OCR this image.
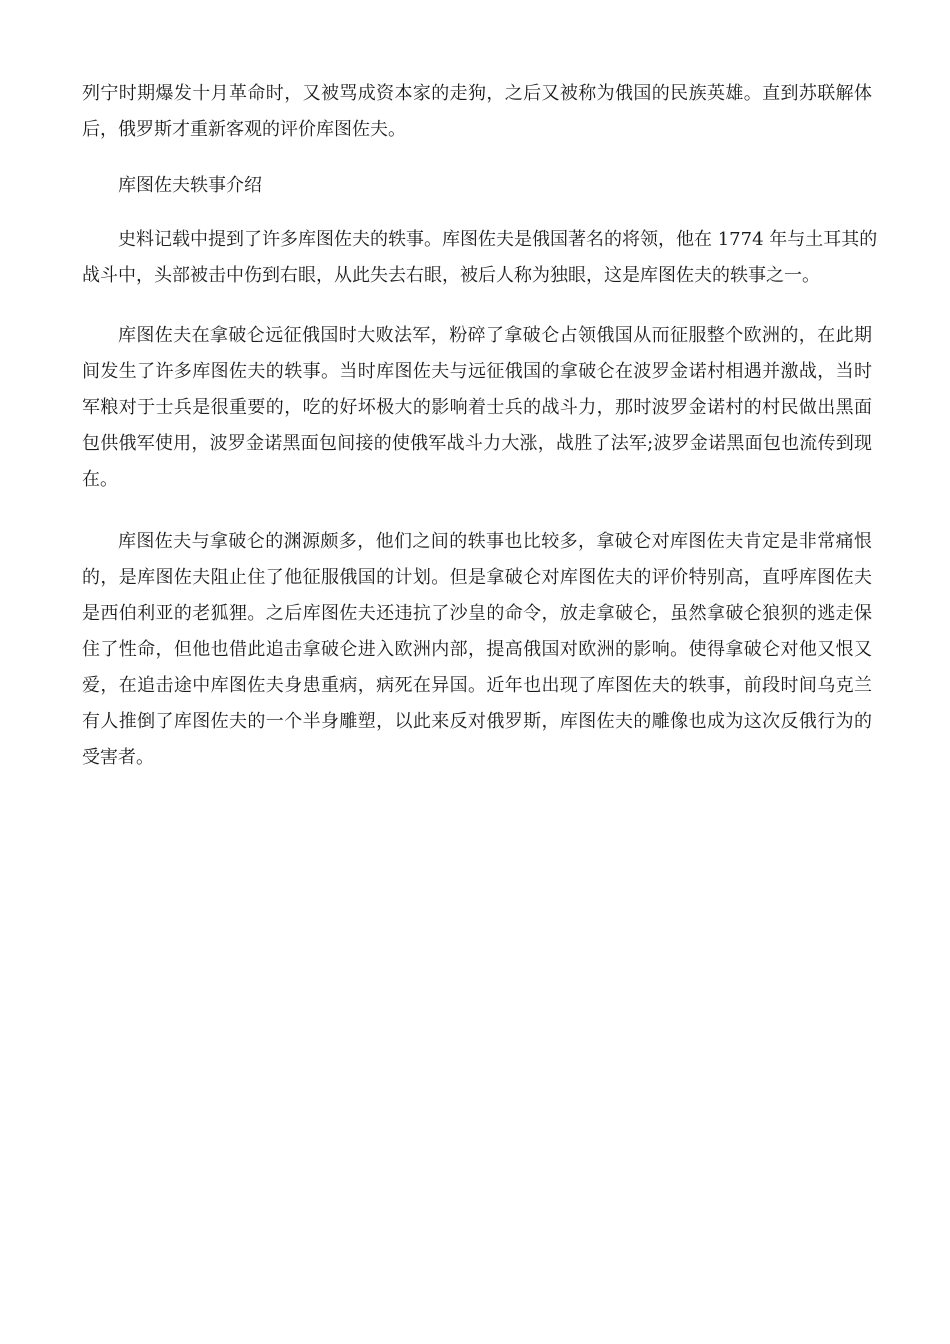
列宁时期爆发十月革命时，又被骂成资本家的走狗，之后又被称为俄国的民族英雄。直到苏联解体
后，俄罗斯才重新客观的评价库图佐夫。
库图佐夫轶事介绍
史料记载中提到了许多库图佐夫的轶事。库图佐夫是俄国著名的将领，他在 1774 年与土耳其的
战斗中，头部被击中伤到右眼，从此失去右眼，被后人称为独眼，这是库图佐夫的轶事之一。
库图佐夫在拿破仑远征俄国时大败法军，粉碎了拿破仑占领俄国从而征服整个欧洲的，在此期
间发生了许多库图佐夫的轶事。当时库图佐夫与远征俄国的拿破仑在波罗金诺村相遇并激战，当时
军粮对于士兵是很重要的，吃的好坏极大的影响着士兵的战斗力，那时波罗金诺村的村民做出黑面
包供俄军使用，波罗金诺黑面包间接的使俄军战斗力大涨，战胜了法军;波罗金诺黑面包也流传到现
在。
库图佐夫与拿破仑的渊源颇多，他们之间的轶事也比较多，拿破仑对库图佐夫肯定是非常痛恨
的，是库图佐夫阻止住了他征服俄国的计划。但是拿破仑对库图佐夫的评价特别高，直呼库图佐夫
是西伯利亚的老狐狸。之后库图佐夫还违抗了沙皇的命令，放走拿破仑，虽然拿破仑狼狈的逃走保
住了性命，但他也借此追击拿破仑进入欧洲内部，提高俄国对欧洲的影响。使得拿破仑对他又恨又
爱，在追击途中库图佐夫身患重病，病死在异国。近年也出现了库图佐夫的轶事，前段时间乌克兰
有人推倒了库图佐夫的一个半身雕塑，以此来反对俄罗斯，库图佐夫的雕像也成为这次反俄行为的
受害者。
